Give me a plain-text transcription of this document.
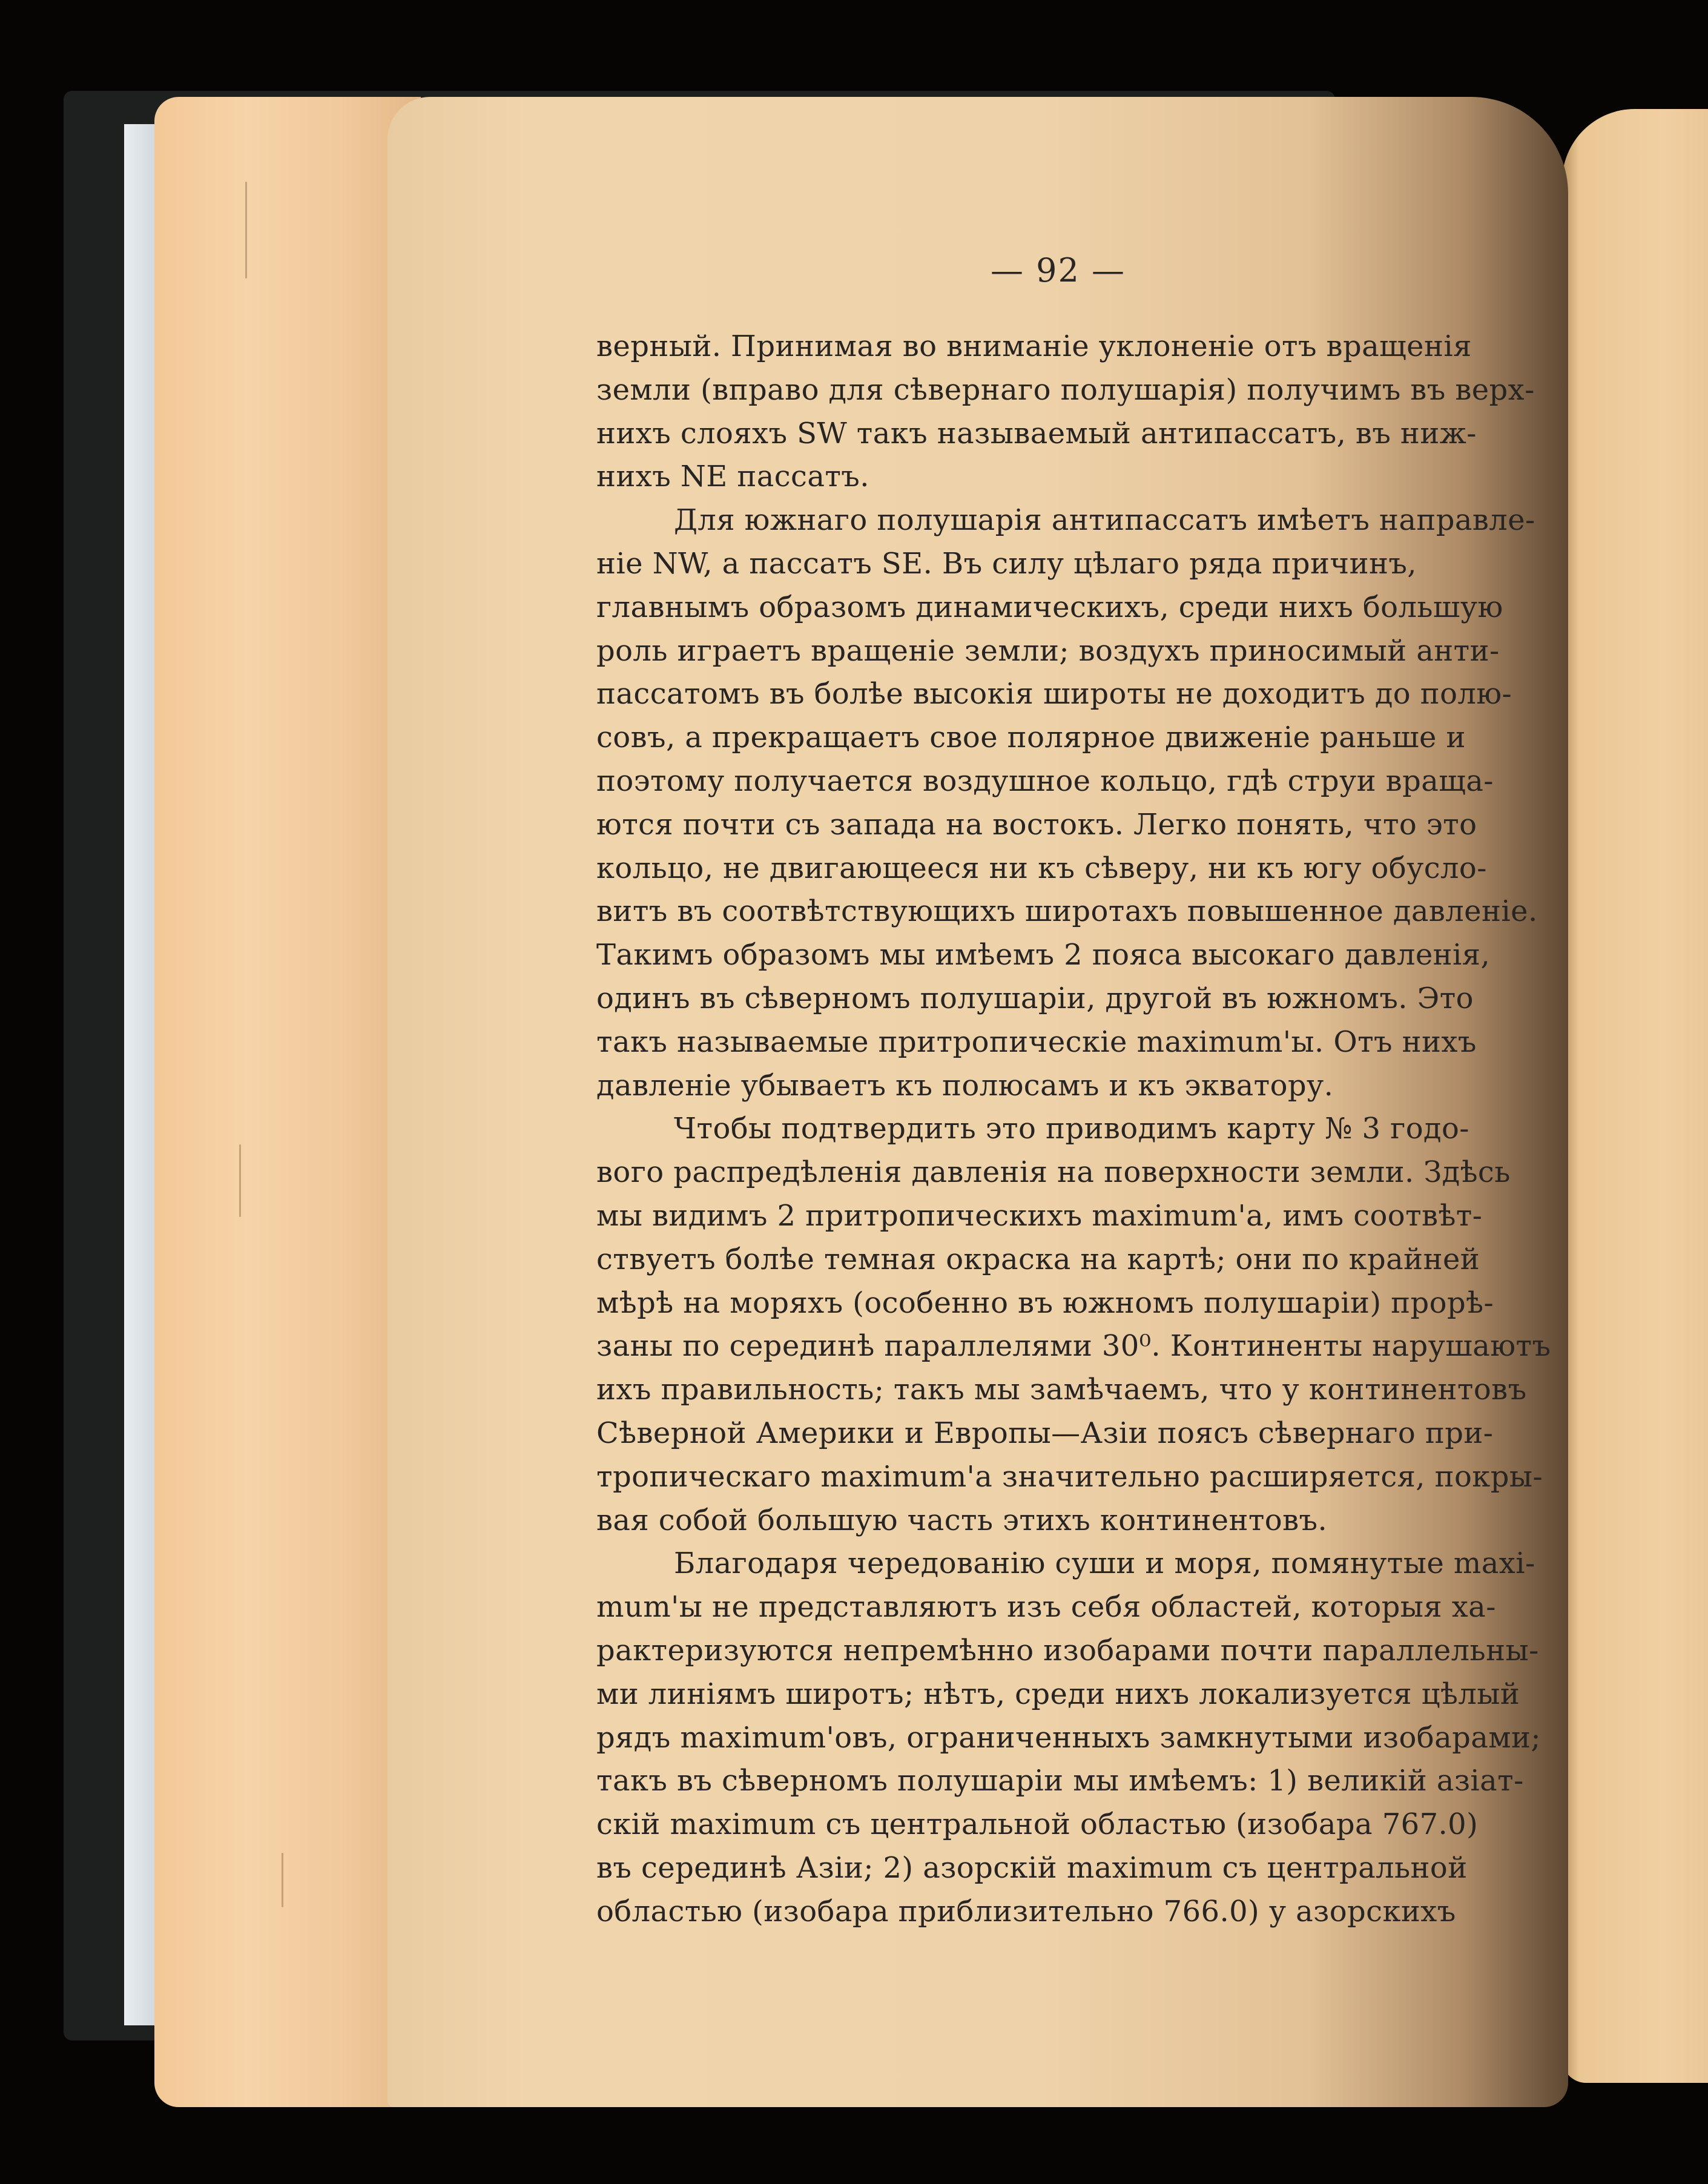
— 92 —
верный. Принимая во вниманіе уклоненіе отъ вращенія
земли (вправо для сѣвернаго полушарія) получимъ въ верх-
нихъ слояхъ SW такъ называемый антипассатъ, въ ниж-
нихъ NE пассатъ.
Для южнаго полушарія антипассатъ имѣетъ направле-
ніе NW, а пассатъ SE. Въ силу цѣлаго ряда причинъ,
главнымъ образомъ динамическихъ, среди нихъ большую
роль играетъ вращеніе земли; воздухъ приносимый анти-
пассатомъ въ болѣе высокія широты не доходитъ до полю-
совъ, а прекращаетъ свое полярное движеніе раньше и
поэтому получается воздушное кольцо, гдѣ струи враща-
ются почти съ запада на востокъ. Легко понять, что это
кольцо, не двигающееся ни къ сѣверу, ни къ югу обусло-
витъ въ соотвѣтствующихъ широтахъ повышенное давленіе.
Такимъ образомъ мы имѣемъ 2 пояса высокаго давленія,
одинъ въ сѣверномъ полушаріи, другой въ южномъ. Это
такъ называемые притропическіе maximum'ы. Отъ нихъ
давленіе убываетъ къ полюсамъ и къ экватору.
Чтобы подтвердить это приводимъ карту № 3 годо-
вого распредѣленія давленія на поверхности земли. Здѣсь
мы видимъ 2 притропическихъ maximum'а, имъ соотвѣт-
ствуетъ болѣе темная окраска на картѣ; они по крайней
мѣрѣ на моряхъ (особенно въ южномъ полушаріи) прорѣ-
заны по серединѣ параллелями 30⁰. Континенты нарушаютъ
ихъ правильность; такъ мы замѣчаемъ, что у континентовъ
Сѣверной Америки и Европы—Азіи поясъ сѣвернаго при-
тропическаго maximum'а значительно расширяется, покры-
вая собой большую часть этихъ континентовъ.
Благодаря чередованію суши и моря, помянутые maxi-
mum'ы не представляютъ изъ себя областей, которыя ха-
рактеризуются непремѣнно изобарами почти параллельны-
ми линіямъ широтъ; нѣтъ, среди нихъ локализуется цѣлый
рядъ maximum'овъ, ограниченныхъ замкнутыми изобарами;
такъ въ сѣверномъ полушаріи мы имѣемъ: 1) великій азіат-
скій maximum съ центральной областью (изобара 767.0)
въ серединѣ Азіи; 2) азорскій maximum съ центральной
областью (изобара приблизительно 766.0) у азорскихъ
